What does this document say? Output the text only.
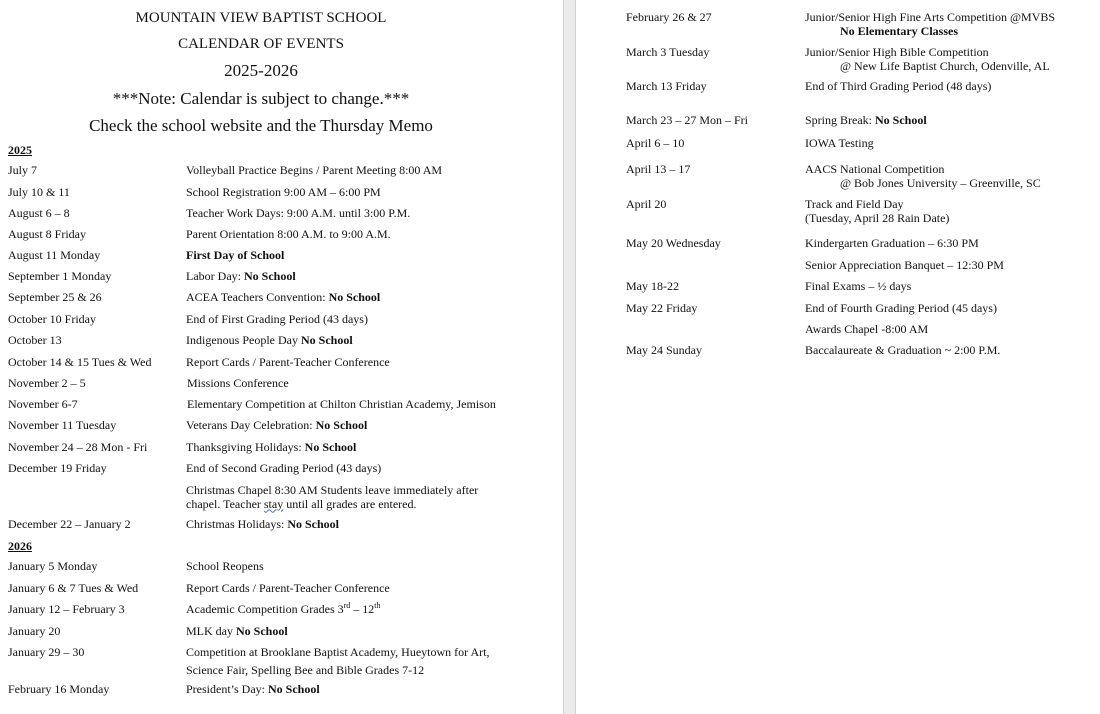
MOUNTAIN VIEW BAPTIST SCHOOL
CALENDAR OF EVENTS
2025-2026
***Note: Calendar is subject to change.***
Check the school website and the Thursday Memo
2025
July 7	Volleyball Practice Begins / Parent Meeting 8:00 AM
July 10 & 11	School Registration 9:00 AM – 6:00 PM
August 6 – 8	Teacher Work Days: 9:00 A.M. until 3:00 P.M.
August 8 Friday	Parent Orientation 8:00 A.M. to 9:00 A.M.
August 11 Monday	First Day of School
September 1 Monday	Labor Day: No School
September 25 & 26	ACEA Teachers Convention: No School
October 10 Friday	End of First Grading Period (43 days)
October 13	Indigenous People Day No School
October 14 & 15 Tues & Wed	Report Cards / Parent-Teacher Conference
November 2 – 5	Missions Conference
November 6-7	Elementary Competition at Chilton Christian Academy, Jemison
November 11 Tuesday	Veterans Day Celebration: No School
November 24 – 28 Mon - Fri	Thanksgiving Holidays: No School
December 19 Friday	End of Second Grading Period (43 days)
Christmas Chapel 8:30 AM Students leave immediately after
chapel. Teacher stay until all grades are entered.
December 22 – January 2	Christmas Holidays: No School
2026
January 5 Monday	School Reopens
January 6 & 7 Tues & Wed	Report Cards / Parent-Teacher Conference
January 12 – February 3	Academic Competition Grades 3rd – 12th
January 20	MLK day No School
January 29 – 30	Competition at Brooklane Baptist Academy, Hueytown for Art,
Science Fair, Spelling Bee and Bible Grades 7-12
February 16 Monday	President’s Day: No School
February 26 & 27	Junior/Senior High Fine Arts Competition @MVBS
No Elementary Classes
March 3 Tuesday	Junior/Senior High Bible Competition
@ New Life Baptist Church, Odenville, AL
March 13 Friday	End of Third Grading Period (48 days)
March 23 – 27 Mon – Fri	Spring Break: No School
April 6 – 10	IOWA Testing
April 13 – 17	AACS National Competition
@ Bob Jones University – Greenville, SC
April 20	Track and Field Day
(Tuesday, April 28 Rain Date)
May 20 Wednesday	Kindergarten Graduation – 6:30 PM
Senior Appreciation Banquet – 12:30 PM
May 18-22	Final Exams – ½ days
May 22 Friday	End of Fourth Grading Period (45 days)
Awards Chapel -8:00 AM
May 24 Sunday	Baccalaureate & Graduation ~ 2:00 P.M.
